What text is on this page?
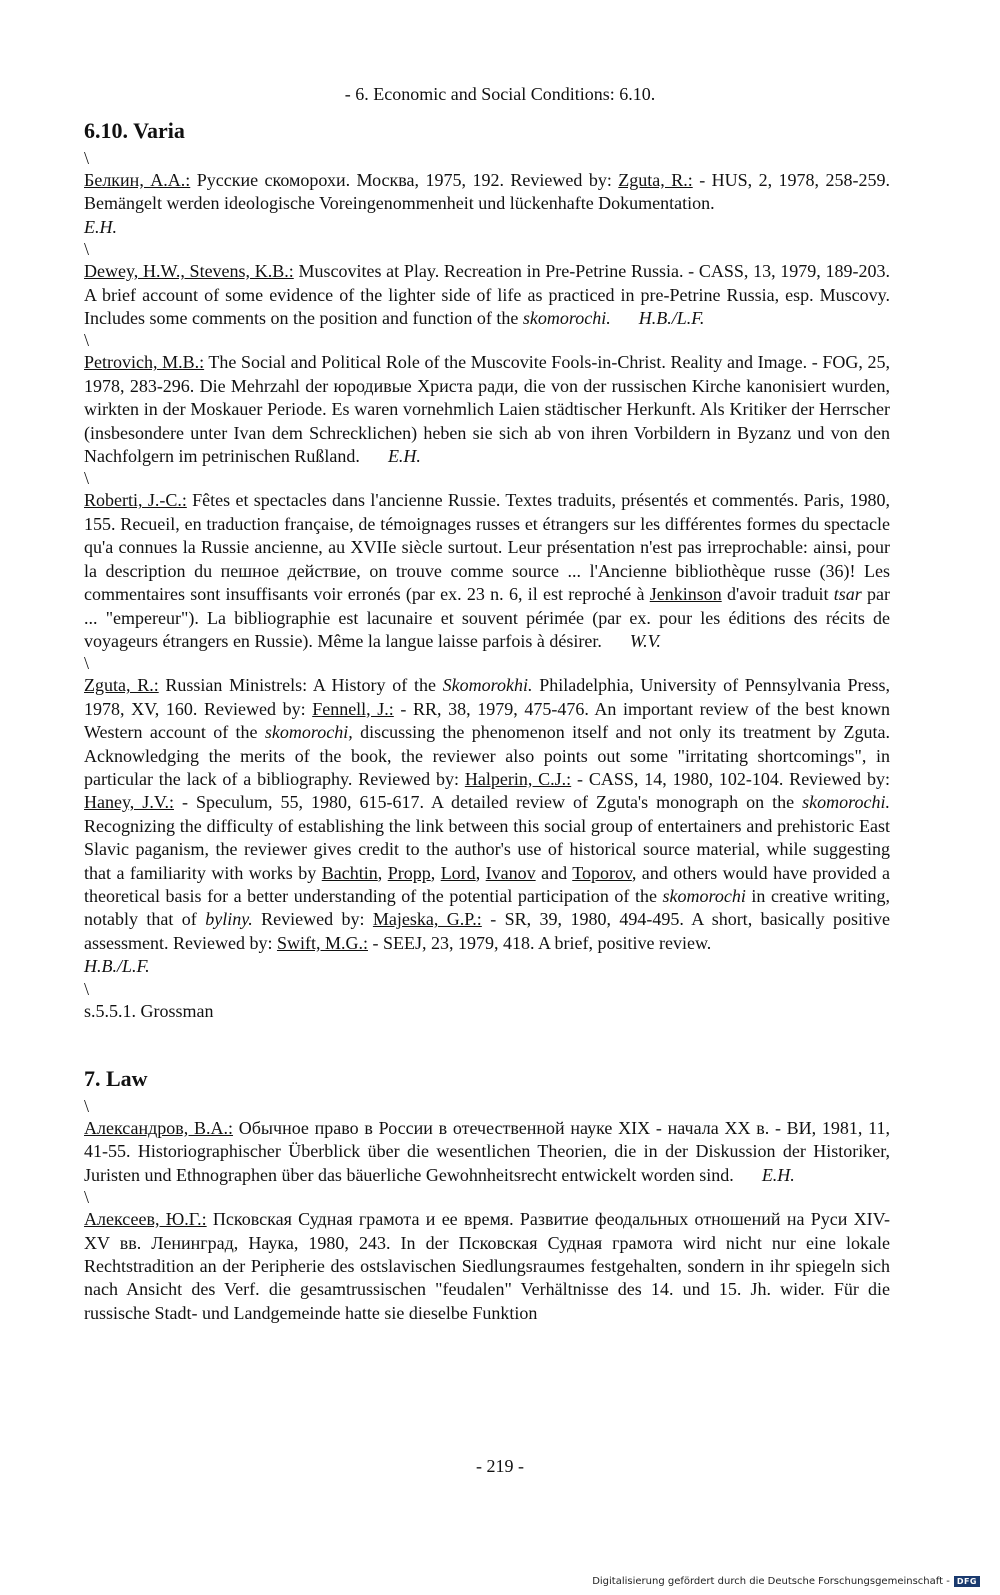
- 6. Economic and Social Conditions: 6.10.
6.10. Varia
\

Белкин, А.А.: Русские скоморохи. Москва, 1975, 192. Reviewed by: Zguta, R.: - HUS, 2, 1978, 258-259. Bemängelt werden ideologische Voreingenommenheit und lückenhafte Dokumentation.
E.H.

\

Dewey, H.W., Stevens, K.B.: Muscovites at Play. Recreation in Pre-Petrine Russia. - CASS, 13, 1979, 189-203. A brief account of some evidence of the lighter side of life as practiced in pre-Petrine Russia, esp. Muscovy. Includes some comments on the position and function of the skomorochi. H.B./L.F.

\

Petrovich, M.B.: The Social and Political Role of the Muscovite Fools-in-Christ. Reality and Image. - FOG, 25, 1978, 283-296. Die Mehrzahl der юродивые Христа ради, die von der russischen Kirche kanonisiert wurden, wirkten in der Moskauer Periode. Es waren vornehmlich Laien städtischer Herkunft. Als Kritiker der Herrscher (insbesondere unter Ivan dem Schrecklichen) heben sie sich ab von ihren Vorbildern in Byzanz und von den Nachfolgern im petrinischen Rußland. E.H.

\

Roberti, J.-C.: Fêtes et spectacles dans l'ancienne Russie. Textes traduits, présentés et commentés. Paris, 1980, 155. Recueil, en traduction française, de témoignages russes et étrangers sur les différentes formes du spectacle qu'a connues la Russie ancienne, au XVIIe siècle surtout. Leur présentation n'est pas irreprochable: ainsi, pour la description du пешное действие, on trouve comme source ... l'Ancienne bibliothèque russe (36)! Les commentaires sont insuffisants voir erronés (par ex. 23 n. 6, il est reproché à Jenkinson d'avoir traduit tsar par ... "empereur"). La bibliographie est lacunaire et souvent périmée (par ex. pour les éditions des récits de voyageurs étrangers en Russie). Même la langue laisse parfois à désirer. W.V.

\

Zguta, R.: Russian Ministrels: A History of the Skomorokhi. Philadelphia, University of Pennsylvania Press, 1978, XV, 160. Reviewed by: Fennell, J.: - RR, 38, 1979, 475-476. An important review of the best known Western account of the skomorochi, discussing the phenomenon itself and not only its treatment by Zguta. Acknowledging the merits of the book, the reviewer also points out some "irritating shortcomings", in particular the lack of a bibliography. Reviewed by: Halperin, C.J.: - CASS, 14, 1980, 102-104. Reviewed by: Haney, J.V.: - Speculum, 55, 1980, 615-617. A detailed review of Zguta's monograph on the skomorochi. Recognizing the difficulty of establishing the link between this social group of entertainers and prehistoric East Slavic paganism, the reviewer gives credit to the author's use of historical source material, while suggesting that a familiarity with works by Bachtin, Propp, Lord, Ivanov and Toporov, and others would have provided a theoretical basis for a better understanding of the potential participation of the skomorochi in creative writing, notably that of byliny. Reviewed by: Majeska, G.P.: - SR, 39, 1980, 494-495. A short, basically positive assessment. Reviewed by: Swift, M.G.: - SEEJ, 23, 1979, 418. A brief, positive review.
H.B./L.F.

\

s.5.5.1. Grossman

7. Law
\

Александров, В.А.: Обычное право в России в отечественной науке XIX - начала XX в. - ВИ, 1981, 11, 41-55. Historiographischer Überblick über die wesentlichen Theorien, die in der Diskussion der Historiker, Juristen und Ethnographen über das bäuerliche Gewohnheitsrecht entwickelt worden sind. E.H.

\

Алексеев, Ю.Г.: Псковская Судная грамота и ее время. Развитие феодальных отношений на Руси XIV-XV вв. Ленинград, Наука, 1980, 243. In der Псковская Судная грамота wird nicht nur eine lokale Rechtstradition an der Peripherie des ostslavischen Siedlungsraumes festgehalten, sondern in ihr spiegeln sich nach Ansicht des Verf. die gesamtrussischen "feudalen" Verhältnisse des 14. und 15. Jh. wider. Für die russische Stadt- und Landgemeinde hatte sie dieselbe Funktion

- 219 -
Digitalisierung gefördert durch die Deutsche Forschungsgemeinschaft - DFG
